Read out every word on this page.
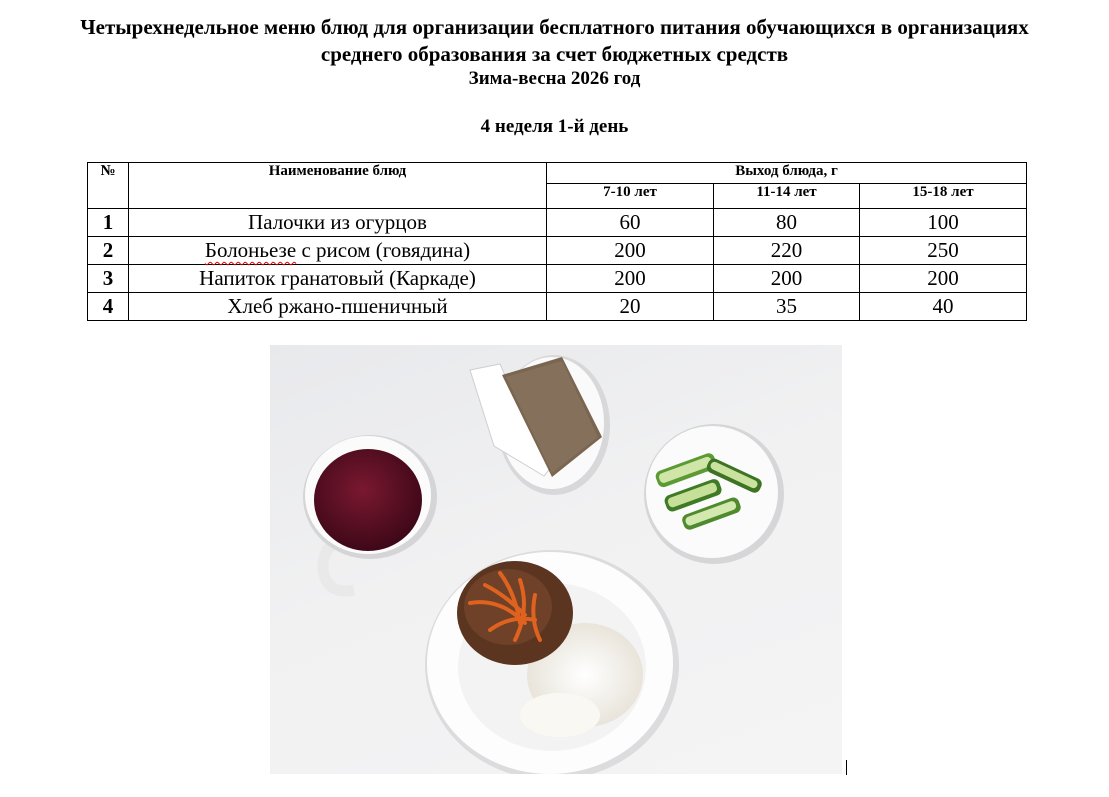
Четырехнедельное меню блюд для организации бесплатного питания обучающихся в организациях
среднего образования за счет бюджетных средств
Зима-весна 2026 год
4 неделя 1-й день
№	Наименование блюд	Выход блюда, г		
		7-10 лет	11-14 лет	15-18 лет
1	Палочки из огурцов	60	80	100
2	Болоньезе с рисом (говядина)	200	220	250
3	Напиток гранатовый (Каркаде)	200	200	200
4	Хлеб ржано-пшеничный	20	35	40
